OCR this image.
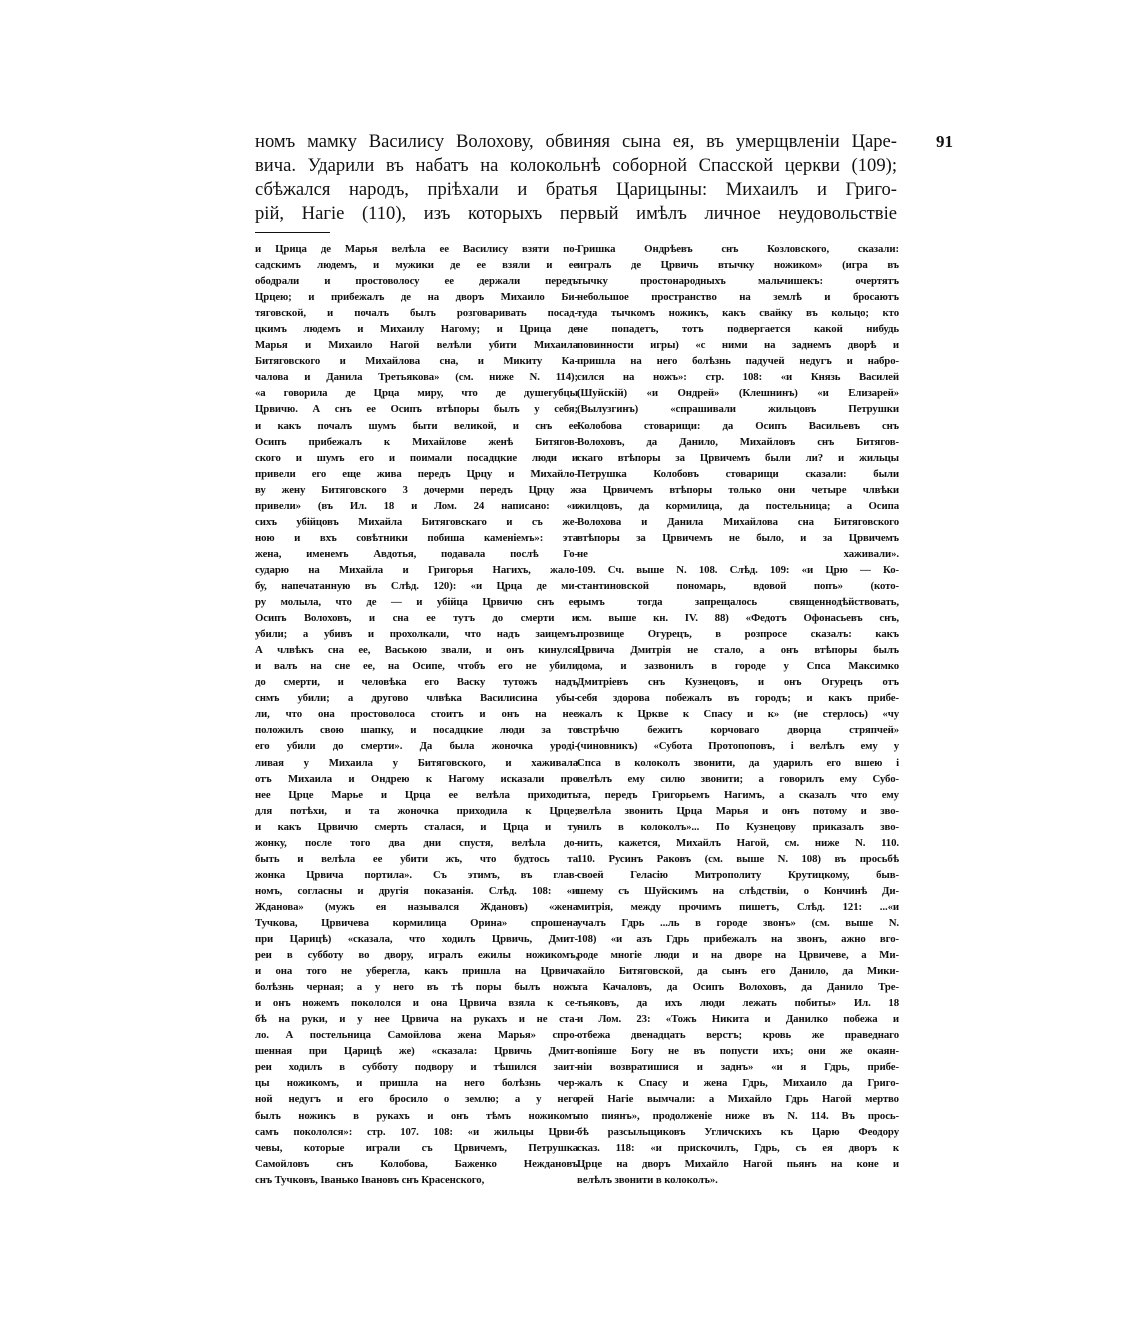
91
номъ мамку Василису Волохову, обвиняя сына ея, въ умерщвленіи Царе-
вича. Ударили въ набатъ на колокольнѣ соборной Спасской церкви (109);
сбѣжался народъ, пріѣхали и братья Царицыны: Михаилъ и Григо-
рій, Нагіе (110), изъ которыхъ первый имѣлъ личное неудовольствіе
и Црица де Марья велѣла ее Василису взяти по-
садскимъ людемъ, и мужики де ее взяли и ее
ободрали и простоволосу ее держали передъ
Црцею; и прибежалъ де на дворъ Михаило Би-
тяговской, и почалъ былъ розговаривать посад-
цкимъ людемъ и Михаилу Нагому; и Црица де
Марья и Михаило Нагой велѣли убити Михаила
Битяговского и Михайлова сна, и Микиту Ка-
чалова и Данила Третьякова» (см. ниже N. 114);
«а говорила де Црца миру, что де душегубцы
Црвичю. А снъ ее Осипъ втѣпоры былъ у себя;
и какъ почалъ шумъ быти великой, и снъ ее
Осипъ прибежалъ к Михайлове женѣ Битягов-
ского и шумъ его и поимали посадцкие люди и
привели его еще жива передъ Црцу и Михайло-
ву жену Битяговского 3 дочерми передъ Црцу ж
привели» (въ Ил. 18 и Лом. 24 написано: «и
сихъ убійцовъ Михайла Битяговскаго и съ же-
ною и вхъ совѣтники побиша каменіемъ»: эта
жена, именемъ Авдотья, подавала послѣ Го-
сударю на Михайла и Григорья Нагихъ, жало-
бу, напечатанную въ Слѣд. 120): «и Црца де ми-
ру молыла, что де — и убійца Црвичю снъ ее
Осипъ Волоховъ, и сна ее тутъ до смерти и
убили; а убивъ и прохолкали, что надъ заицемъ.
А члвѣкъ сна ее, Ваською звали, и онъ кинулся
и валъ на сне ее, на Осипе, чтобъ его не убили
до смерти, и человѣка его Васку тутожъ надъ
снмъ убили; а другово члвѣка Василисина убы-
ли, что она простоволоса стоитъ и онъ на нее
положилъ свою шапку, и посадцкие люди за то
его убили до смерти». Да была жоночка уроді-
ливая у Михаила у Битяговского, и хаживала
отъ Михаила и Ондрею к Нагому исказали про
нее Црце Марье и Црца ее велѣла приходить
для потѣхи, и та жоночка приходила к Црце;
и какъ Црвичю смерть сталася, и Црца и ту
жонку, после того два дни спустя, велѣла до-
быть и велѣла ее убити жъ, что будтось та
жонка Црвича портила». Съ этимъ, въ глав-
номъ, согласны и другія показанія. Слѣд. 108: «и
Жданова» (мужъ ея назывался Ждановъ) «жена
Тучкова, Црвичева кормилица Орина» спрошена
при Царицѣ) «сказала, что ходилъ Црвичь, Дмит-
реи в субботу во двору, игралъ ежилы ножикомъ,
и она того не уберегла, какъ пришла на Црвича
болѣзнь черная; а у него въ тѣ поры былъ ножъ
и онъ ножемъ покололся и она Црвича взяла к се-
бѣ на руки, и у нее Црвича на рукахъ и не ста-
ло. А постельница Самойлова жена Марья» спро-
шенная при Царицѣ же) «сказала: Црвичь Дмит-
реи ходилъ в субботу подвору и тѣшился заит-
цы ножикомъ, и пришла на него болѣзнь чер-
ной недугъ и его бросило о землю; а у него
былъ ножикъ в рукахъ и онъ тѣмъ ножикомъ
самъ покололся»: стр. 107. 108: «и жильцы Црви-
чевы, которые играли съ Црвичемъ, Петрушка
Самойловъ снъ Колобова, Баженко Неждановъ
снъ Тучковъ, Іванько Івановъ снъ Красенского,
Гришка Ондрѣевъ снъ Козловского, сказали:
игралъ де Црвичь втычку ножиком» (игра въ
тычку простонародныхъ мальчишекъ: очертятъ
небольшое пространство на землѣ и бросаютъ
туда тычкомъ ножикъ, какъ свайку въ кольцо; кто
не попадетъ, тотъ подвергается какой нибудь
повинности игры) «с ними на заднемъ дворѣ и
пришла на него болѣзнь падучей недугъ и набро-
сился на ножъ»: стр. 108: «и Князь Василей
(Шуйскій) «и Ондрей» (Клешнинъ) «и Елизарей»
(Вылузгинъ) «спрашивали жильцовъ Петрушки
Колобова стоварищи: да Осипъ Васильевъ снъ
Волоховъ, да Данило, Михайловъ снъ Битягов-
скаго втѣпоры за Црвичемъ были ли? и жильцы
Петрушка Колобовъ стоварищи сказали: были
за Црвичемъ втѣпоры только они четыре члвѣки
жилцовъ, да кормилица, да постельница; а Осипа
Волохова и Данила Михайлова сна Битяговского
втѣпоры за Црвичемъ не было, и за Црвичемъ
не хаживали».
109. Сч. выше N. 108. Слѣд. 109: «и Црю — Ко-
стантиновской пономарь, вдовой попъ» (кото-
рымъ тогда запрещалось священнодѣйствовать,
см. выше кн. IV. 88) «Федотъ Офонасьевъ снъ,
прозвище Огурецъ, в розпросе сказалъ: какъ
Црвича Дмитрія не стало, а онъ втѣпоры былъ
дома, и зазвонилъ в городе у Спса Максимко
Дмитріевъ снъ Кузнецовъ, и онъ Огурецъ отъ
себя здорова побежалъ въ городъ; и какъ прибе-
жалъ к Црквe к Спасу и к» (не стерлось) «чу
встрѣчю бежитъ корчовaго дворца стряпчей»
(чиновникъ) «Субота Протопоповъ, і велѣлъ ему у
Спса в колоколъ звонити, да ударилъ его вшею і
велѣлъ ему силю звонити; а говорилъ ему Субо-
та, передъ Григорьемъ Нагимъ, а сказалъ что ему
велѣла звонить Црца Марья и онъ потому и зво-
нилъ в колоколъ»... По Кузнецову приказалъ зво-
нить, кажется, Михайлъ Нагой, см. ниже N. 110.
110. Русинъ Раковъ (см. выше N. 108) въ просьбѣ
своей Геласію Митрополиту Крутицкому, быв-
шему съ Шуйскимъ на слѣдствіи, о Кончинѣ Ди-
митрія, между прочимъ пишетъ, Слѣд. 121: ...«и
учалъ Гдрь ...ль в городе звонъ» (см. выше N.
108) «и азъ Гдрь прибежалъ на звонъ, ажно вго-
роде многіе люди и на дворе на Црвичеве, а Ми-
хайло Битяговской, да сынъ его Данило, да Мики-
та Качаловъ, да Осипъ Волоховъ, да Данило Тре-
тьяковъ, да ихъ люди лежать побиты» Ил. 18
и Лом. 23: «Тожъ Никита и Данилко побежа и
отбежа двенадцать верстъ; кровь же праведнаго
вопіяше Богу не въ попусти ихъ; они же окаян-
ніи возвратишися и заднъ» «и я Гдрь, прибе-
жалъ к Спасу и жена Гдрь, Михаило да Григо-
рей Нагіе вымчали: а Михайло Гдрь Нагой мертво
по пиянъ», продолженіе ниже въ N. 114. Въ прось-
бѣ разсыльщиковъ Угличскихъ къ Царю Феодору
сказ. 118: «и прискочилъ, Гдрь, съ ея дворъ к
Црце на дворъ Михайло Нагой пьянъ на коне и
велѣлъ звонити в колоколъ».
